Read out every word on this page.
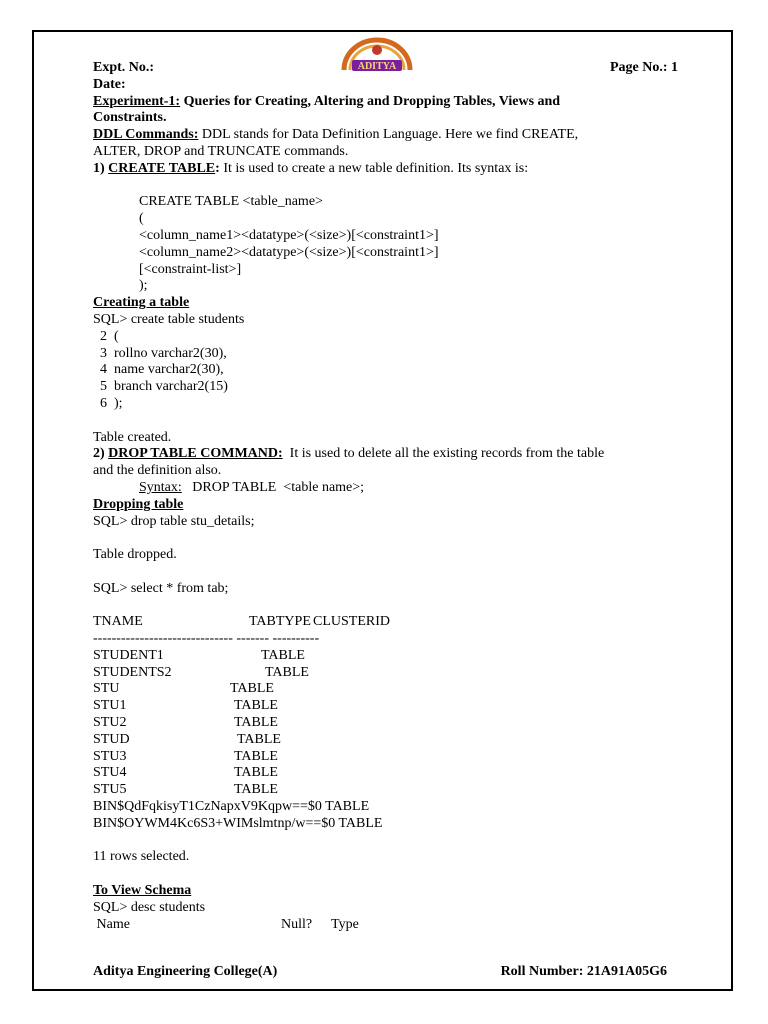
ADITYA
Expt. No.:	Page No.: 1
Date:
Experiment-1: Queries for Creating, Altering and Dropping Tables, Views and
Constraints.
DDL Commands: DDL stands for Data Definition Language. Here we find CREATE,
ALTER, DROP and TRUNCATE commands.
1) CREATE TABLE: It is used to create a new table definition. Its syntax is:
CREATE TABLE <table_name>
(
<column_name1><datatype>(<size>)[<constraint1>]
<column_name2><datatype>(<size>)[<constraint1>]
[<constraint-list>]
);
Creating a table
SQL> create table students
2  (
3  rollno varchar2(30),
4  name varchar2(30),
5  branch varchar2(15)
6  );
Table created.
2) DROP TABLE COMMAND:  It is used to delete all the existing records from the table
and the definition also.
Syntax:   DROP TABLE  <table name>;
Dropping table
SQL> drop table stu_details;
Table dropped.
SQL> select * from tab;
TNAME	TABTYPE CLUSTERID
------------------------------ ------- ----------
STUDENT1	TABLE
STUDENTS2	TABLE
STU	TABLE
STU1	TABLE
STU2	TABLE
STUD	TABLE
STU3	TABLE
STU4	TABLE
STU5	TABLE
BIN$QdFqkisyT1CzNapxV9Kqpw==$0 TABLE
BIN$OYWM4Kc6S3+WIMslmtnp/w==$0 TABLE
11 rows selected.
To View Schema
SQL> desc students
Name	Null? Type
Aditya Engineering College(A)	Roll Number: 21A91A05G6
